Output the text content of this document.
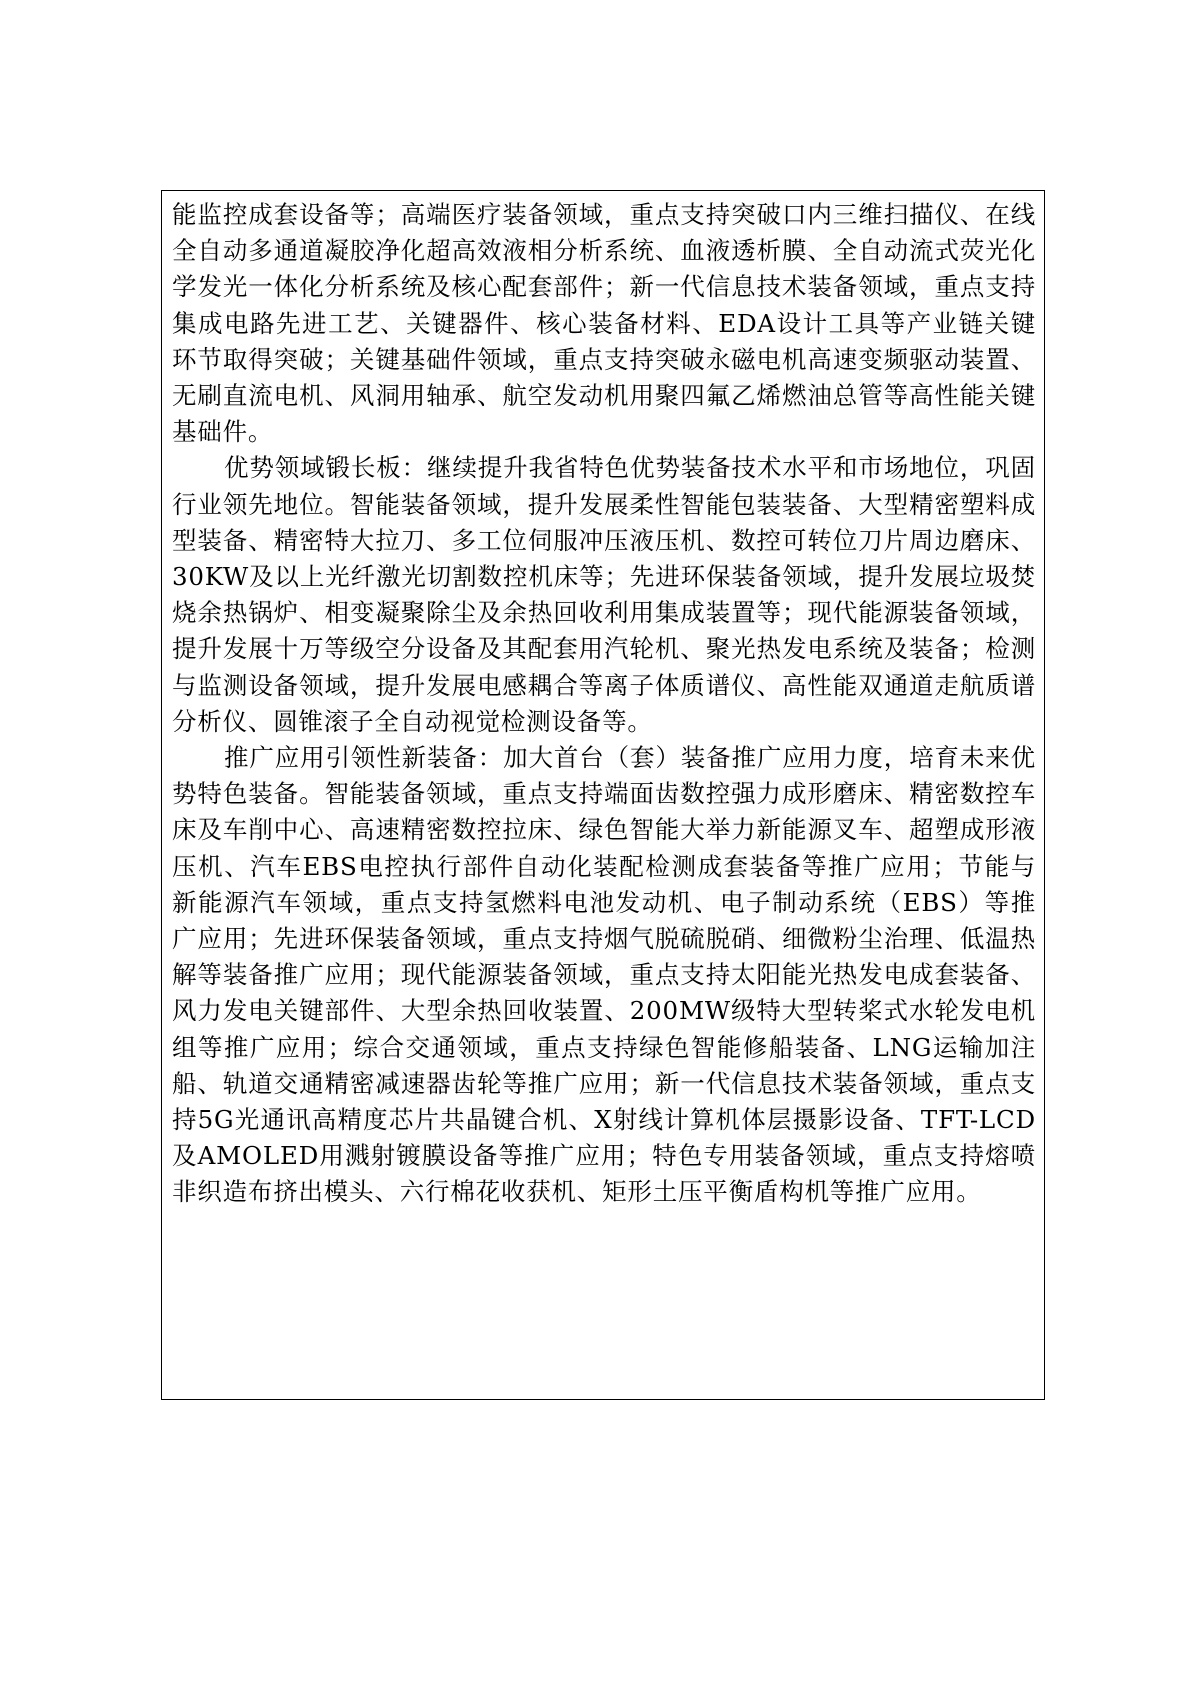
能监控成套设备等；高端医疗装备领域，重点支持突破口内三维扫描仪、在线全自动多通道凝胶净化超高效液相分析系统、血液透析膜、全自动流式荧光化学发光一体化分析系统及核心配套部件；新一代信息技术装备领域，重点支持集成电路先进工艺、关键器件、核心装备材料、EDA设计工具等产业链关键环节取得突破；关键基础件领域，重点支持突破永磁电机高速变频驱动装置、无刷直流电机、风洞用轴承、航空发动机用聚四氟乙烯燃油总管等高性能关键基础件。

优势领域锻长板：继续提升我省特色优势装备技术水平和市场地位，巩固行业领先地位。智能装备领域，提升发展柔性智能包装装备、大型精密塑料成型装备、精密特大拉刀、多工位伺服冲压液压机、数控可转位刀片周边磨床、30KW及以上光纤激光切割数控机床等；先进环保装备领域，提升发展垃圾焚烧余热锅炉、相变凝聚除尘及余热回收利用集成装置等；现代能源装备领域，提升发展十万等级空分设备及其配套用汽轮机、聚光热发电系统及装备；检测与监测设备领域，提升发展电感耦合等离子体质谱仪、高性能双通道走航质谱分析仪、圆锥滚子全自动视觉检测设备等。

推广应用引领性新装备：加大首台（套）装备推广应用力度，培育未来优势特色装备。智能装备领域，重点支持端面齿数控强力成形磨床、精密数控车床及车削中心、高速精密数控拉床、绿色智能大举力新能源叉车、超塑成形液压机、汽车EBS电控执行部件自动化装配检测成套装备等推广应用；节能与新能源汽车领域，重点支持氢燃料电池发动机、电子制动系统（EBS）等推广应用；先进环保装备领域，重点支持烟气脱硫脱硝、细微粉尘治理、低温热解等装备推广应用；现代能源装备领域，重点支持太阳能光热发电成套装备、风力发电关键部件、大型余热回收装置、200MW级特大型转桨式水轮发电机组等推广应用；综合交通领域，重点支持绿色智能修船装备、LNG运输加注船、轨道交通精密减速器齿轮等推广应用；新一代信息技术装备领域，重点支持5G光通讯高精度芯片共晶键合机、X射线计算机体层摄影设备、TFT-LCD及AMOLED用溅射镀膜设备等推广应用；特色专用装备领域，重点支持熔喷非织造布挤出模头、六行棉花收获机、矩形土压平衡盾构机等推广应用。
